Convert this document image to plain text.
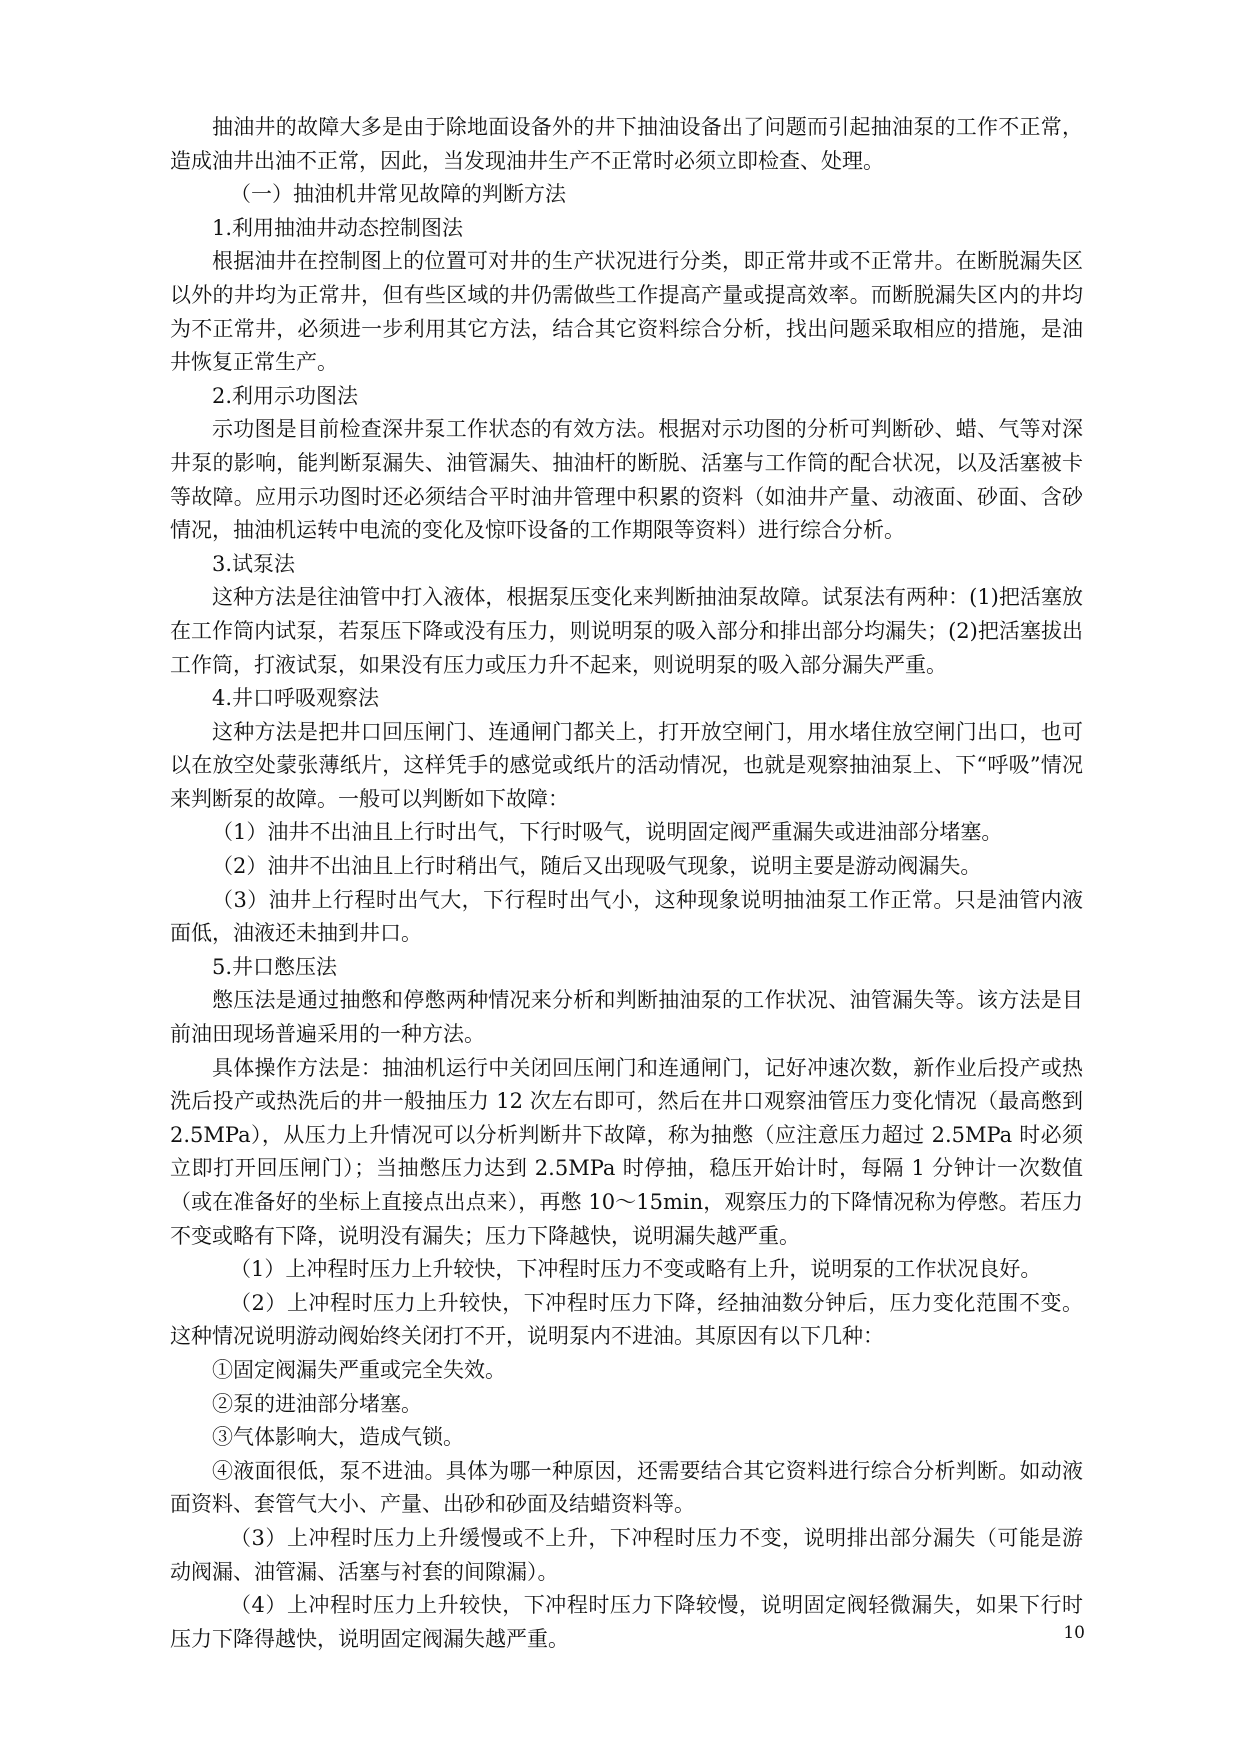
抽油井的故障大多是由于除地面设备外的井下抽油设备出了问题而引起抽油泵的工作不正常，造成油井出油不正常，因此，当发现油井生产不正常时必须立即检查、处理。

（一）抽油机井常见故障的判断方法

1.利用抽油井动态控制图法

根据油井在控制图上的位置可对井的生产状况进行分类，即正常井或不正常井。在断脱漏失区以外的井均为正常井，但有些区域的井仍需做些工作提高产量或提高效率。而断脱漏失区内的井均为不正常井，必须进一步利用其它方法，结合其它资料综合分析，找出问题采取相应的措施，是油井恢复正常生产。

2.利用示功图法

示功图是目前检查深井泵工作状态的有效方法。根据对示功图的分析可判断砂、蜡、气等对深井泵的影响，能判断泵漏失、油管漏失、抽油杆的断脱、活塞与工作筒的配合状况，以及活塞被卡等故障。应用示功图时还必须结合平时油井管理中积累的资料（如油井产量、动液面、砂面、含砂情况，抽油机运转中电流的变化及惊吓设备的工作期限等资料）进行综合分析。

3.试泵法

这种方法是往油管中打入液体，根据泵压变化来判断抽油泵故障。试泵法有两种：(1)把活塞放在工作筒内试泵，若泵压下降或没有压力，则说明泵的吸入部分和排出部分均漏失；(2)把活塞拔出工作筒，打液试泵，如果没有压力或压力升不起来，则说明泵的吸入部分漏失严重。

4.井口呼吸观察法

这种方法是把井口回压闸门、连通闸门都关上，打开放空闸门，用水堵住放空闸门出口，也可以在放空处蒙张薄纸片，这样凭手的感觉或纸片的活动情况，也就是观察抽油泵上、下“呼吸”情况来判断泵的故障。一般可以判断如下故障：

（1）油井不出油且上行时出气，下行时吸气，说明固定阀严重漏失或进油部分堵塞。

（2）油井不出油且上行时稍出气，随后又出现吸气现象，说明主要是游动阀漏失。

（3）油井上行程时出气大，下行程时出气小，这种现象说明抽油泵工作正常。只是油管内液面低，油液还未抽到井口。

5.井口憋压法

憋压法是通过抽憋和停憋两种情况来分析和判断抽油泵的工作状况、油管漏失等。该方法是目前油田现场普遍采用的一种方法。

具体操作方法是：抽油机运行中关闭回压闸门和连通闸门，记好冲速次数，新作业后投产或热洗后投产或热洗后的井一般抽压力 12 次左右即可，然后在井口观察油管压力变化情况（最高憋到 2.5MPa），从压力上升情况可以分析判断井下故障，称为抽憋（应注意压力超过 2.5MPa 时必须立即打开回压闸门）；当抽憋压力达到 2.5MPa 时停抽，稳压开始计时，每隔 1 分钟计一次数值（或在准备好的坐标上直接点出点来），再憋 10～15min，观察压力的下降情况称为停憋。若压力不变或略有下降，说明没有漏失；压力下降越快，说明漏失越严重。

（1）上冲程时压力上升较快，下冲程时压力不变或略有上升，说明泵的工作状况良好。

（2）上冲程时压力上升较快，下冲程时压力下降，经抽油数分钟后，压力变化范围不变。这种情况说明游动阀始终关闭打不开，说明泵内不进油。其原因有以下几种：

①固定阀漏失严重或完全失效。

②泵的进油部分堵塞。

③气体影响大，造成气锁。

④液面很低，泵不进油。具体为哪一种原因，还需要结合其它资料进行综合分析判断。如动液面资料、套管气大小、产量、出砂和砂面及结蜡资料等。

（3）上冲程时压力上升缓慢或不上升，下冲程时压力不变，说明排出部分漏失（可能是游动阀漏、油管漏、活塞与衬套的间隙漏）。

（4）上冲程时压力上升较快，下冲程时压力下降较慢，说明固定阀轻微漏失，如果下行时压力下降得越快，说明固定阀漏失越严重。	10
